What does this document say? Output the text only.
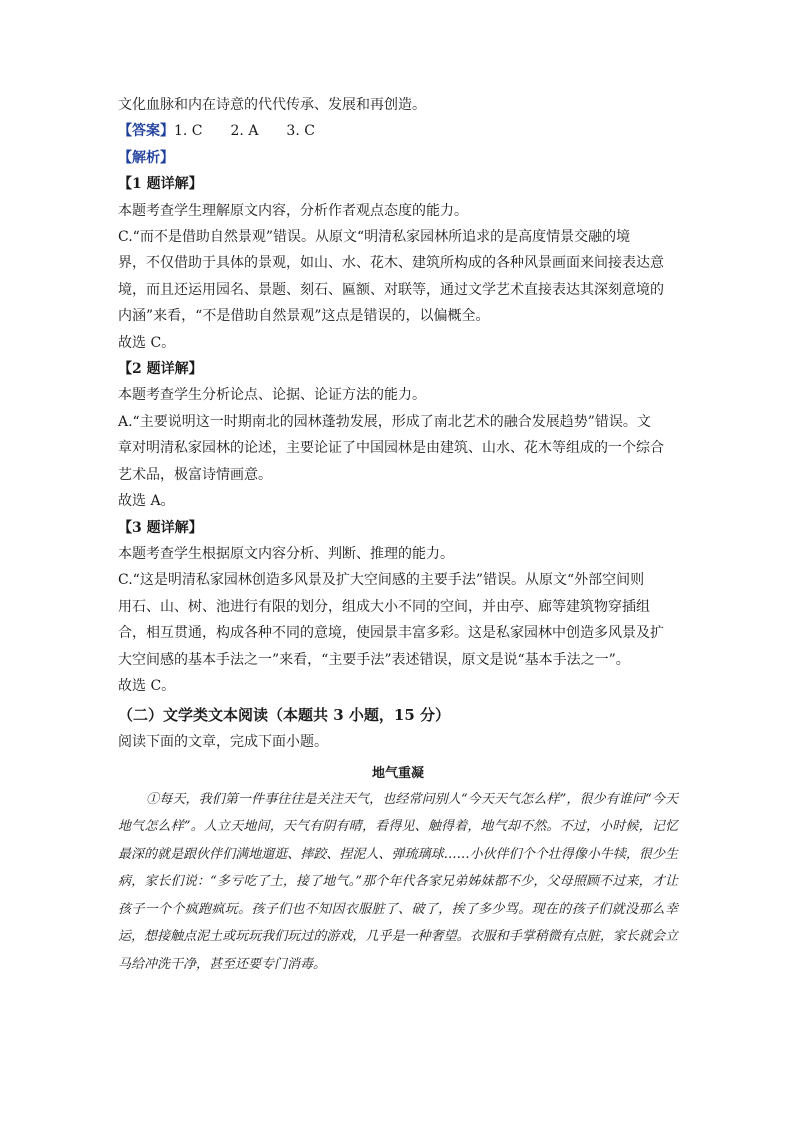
文化血脉和内在诗意的代代传承、发展和再创造。

【答案】1. C　　2. A　　3. C

【解析】

【1 题详解】

本题考查学生理解原文内容，分析作者观点态度的能力。

C.“而不是借助自然景观”错误。从原文“明清私家园林所追求的是高度情景交融的境

界，不仅借助于具体的景观，如山、水、花木、建筑所构成的各种风景画面来间接表达意

境，而且还运用园名、景题、刻石、匾额、对联等，通过文学艺术直接表达其深刻意境的

内涵”来看，“不是借助自然景观”这点是错误的，以偏概全。

故选 C。

【2 题详解】

本题考查学生分析论点、论据、论证方法的能力。

A.“主要说明这一时期南北的园林蓬勃发展，形成了南北艺术的融合发展趋势”错误。文

章对明清私家园林的论述，主要论证了中国园林是由建筑、山水、花木等组成的一个综合

艺术品，极富诗情画意。

故选 A。

【3 题详解】

本题考查学生根据原文内容分析、判断、推理的能力。

C.“这是明清私家园林创造多风景及扩大空间感的主要手法”错误。从原文“外部空间则

用石、山、树、池进行有限的划分，组成大小不同的空间，并由亭、廊等建筑物穿插组

合，相互贯通，构成各种不同的意境，使园景丰富多彩。这是私家园林中创造多风景及扩

大空间感的基本手法之一”来看，“主要手法”表述错误，原文是说“基本手法之一”。

故选 C。

（二）文学类文本阅读（本题共 3 小题，15 分）

阅读下面的文章，完成下面小题。

地气重凝

①每天，我们第一件事往往是关注天气，也经常问别人“今天天气怎么样”，很少有谁问“今天地气怎么样”。人立天地间，天气有阴有晴，看得见、触得着，地气却不然。不过，小时候，记忆最深的就是跟伙伴们满地遛逛、摔跤、捏泥人、弹琉璃球……小伙伴们个个壮得像小牛犊，很少生病，家长们说：“多亏吃了土，接了地气。”那个年代各家兄弟姊妹都不少，父母照顾不过来，才让孩子一个个疯跑疯玩。孩子们也不知因衣服脏了、破了，挨了多少骂。现在的孩子们就没那么幸运，想接触点泥土或玩玩我们玩过的游戏，几乎是一种奢望。衣服和手掌稍微有点脏，家长就会立马给冲洗干净，甚至还要专门消毒。
